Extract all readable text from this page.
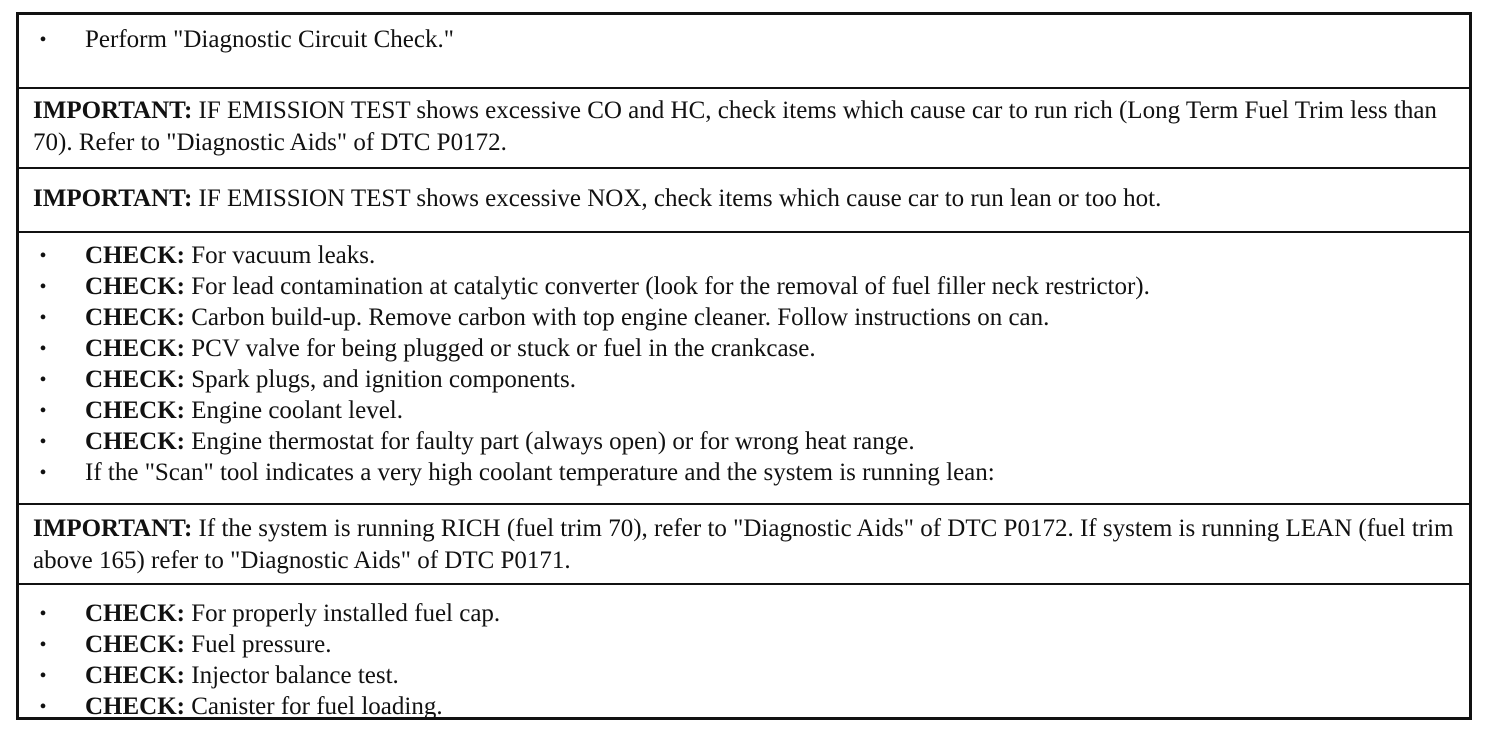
• Perform "Diagnostic Circuit Check."
IMPORTANT: IF EMISSION TEST shows excessive CO and HC, check items which cause car to run rich (Long Term Fuel Trim less than 70). Refer to "Diagnostic Aids" of DTC P0172.
IMPORTANT: IF EMISSION TEST shows excessive NOX, check items which cause car to run lean or too hot.
• CHECK: For vacuum leaks.
• CHECK: For lead contamination at catalytic converter (look for the removal of fuel filler neck restrictor).
• CHECK: Carbon build-up. Remove carbon with top engine cleaner. Follow instructions on can.
• CHECK: PCV valve for being plugged or stuck or fuel in the crankcase.
• CHECK: Spark plugs, and ignition components.
• CHECK: Engine coolant level.
• CHECK: Engine thermostat for faulty part (always open) or for wrong heat range.
• If the "Scan" tool indicates a very high coolant temperature and the system is running lean:
IMPORTANT: If the system is running RICH (fuel trim 70), refer to "Diagnostic Aids" of DTC P0172. If system is running LEAN (fuel trim above 165) refer to "Diagnostic Aids" of DTC P0171.
• CHECK: For properly installed fuel cap.
• CHECK: Fuel pressure.
• CHECK: Injector balance test.
• CHECK: Canister for fuel loading.
